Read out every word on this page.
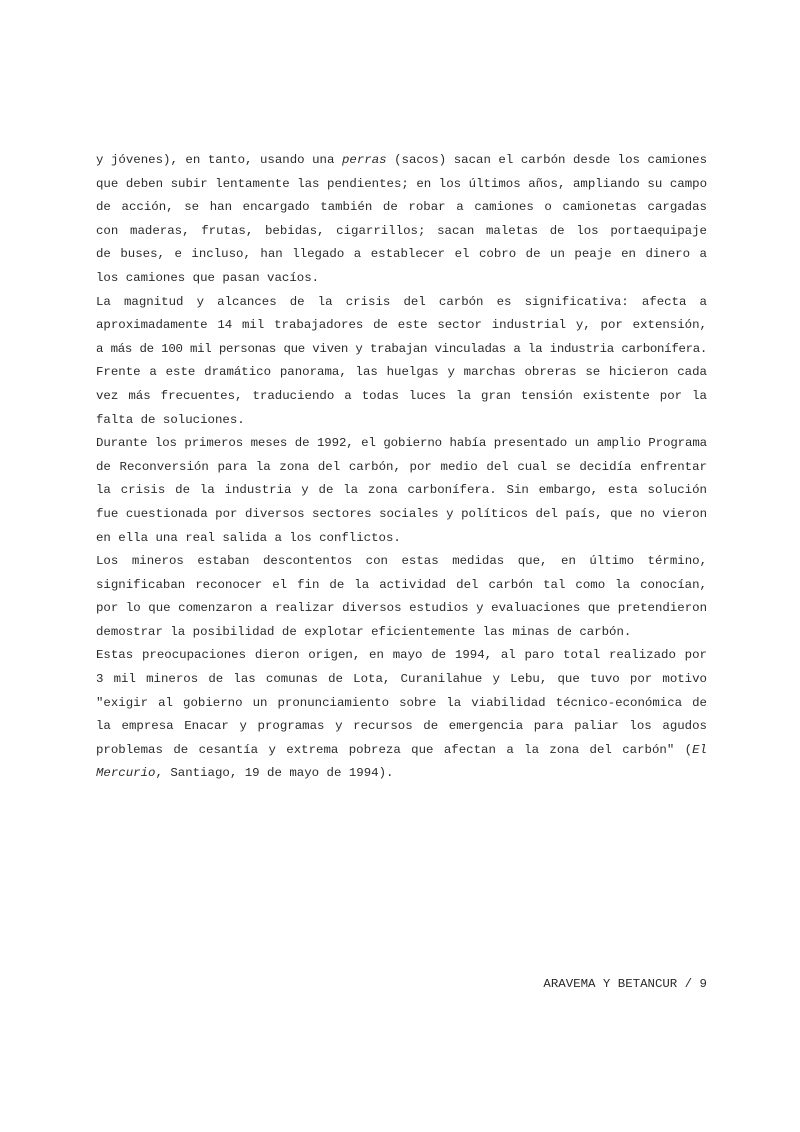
y jóvenes), en tanto, usando una perras (sacos) sacan el carbón desde los camiones
que deben subir lentamente las pendientes; en los últimos años, ampliando su campo
de acción, se han encargado también de robar a camiones o camionetas cargadas
con maderas, frutas, bebidas, cigarrillos; sacan maletas de los portaequipaje
de buses, e incluso, han llegado a establecer el cobro de un peaje en dinero a
los camiones que pasan vacíos.
La magnitud y alcances de la crisis del carbón es significativa: afecta a
aproximadamente 14 mil trabajadores de este sector industrial y, por extensión,
a más de 100 mil personas que viven y trabajan vinculadas a la industria carbonífera.
Frente a este dramático panorama, las huelgas y marchas obreras se hicieron cada
vez más frecuentes, traduciendo a todas luces la gran tensión existente por la
falta de soluciones.
Durante los primeros meses de 1992, el gobierno había presentado un amplio Programa
de Reconversión para la zona del carbón, por medio del cual se decidía enfrentar
la crisis de la industria y de la zona carbonífera. Sin embargo, esta solución
fue cuestionada por diversos sectores sociales y políticos del país, que no vieron
en ella una real salida a los conflictos.
Los mineros estaban descontentos con estas medidas que, en último término,
significaban reconocer el fin de la actividad del carbón tal como la conocían,
por lo que comenzaron a realizar diversos estudios y evaluaciones que pretendieron
demostrar la posibilidad de explotar eficientemente las minas de carbón.
Estas preocupaciones dieron origen, en mayo de 1994, al paro total realizado por
3 mil mineros de las comunas de Lota, Curanilahue y Lebu, que tuvo por motivo
"exigir al gobierno un pronunciamiento sobre la viabilidad técnico-económica de
la empresa Enacar y programas y recursos de emergencia para paliar los agudos
problemas de cesantía y extrema pobreza que afectan a la zona del carbón" (El
Mercurio, Santiago, 19 de mayo de 1994).
ARAVEMA Y BETANCUR / 9
